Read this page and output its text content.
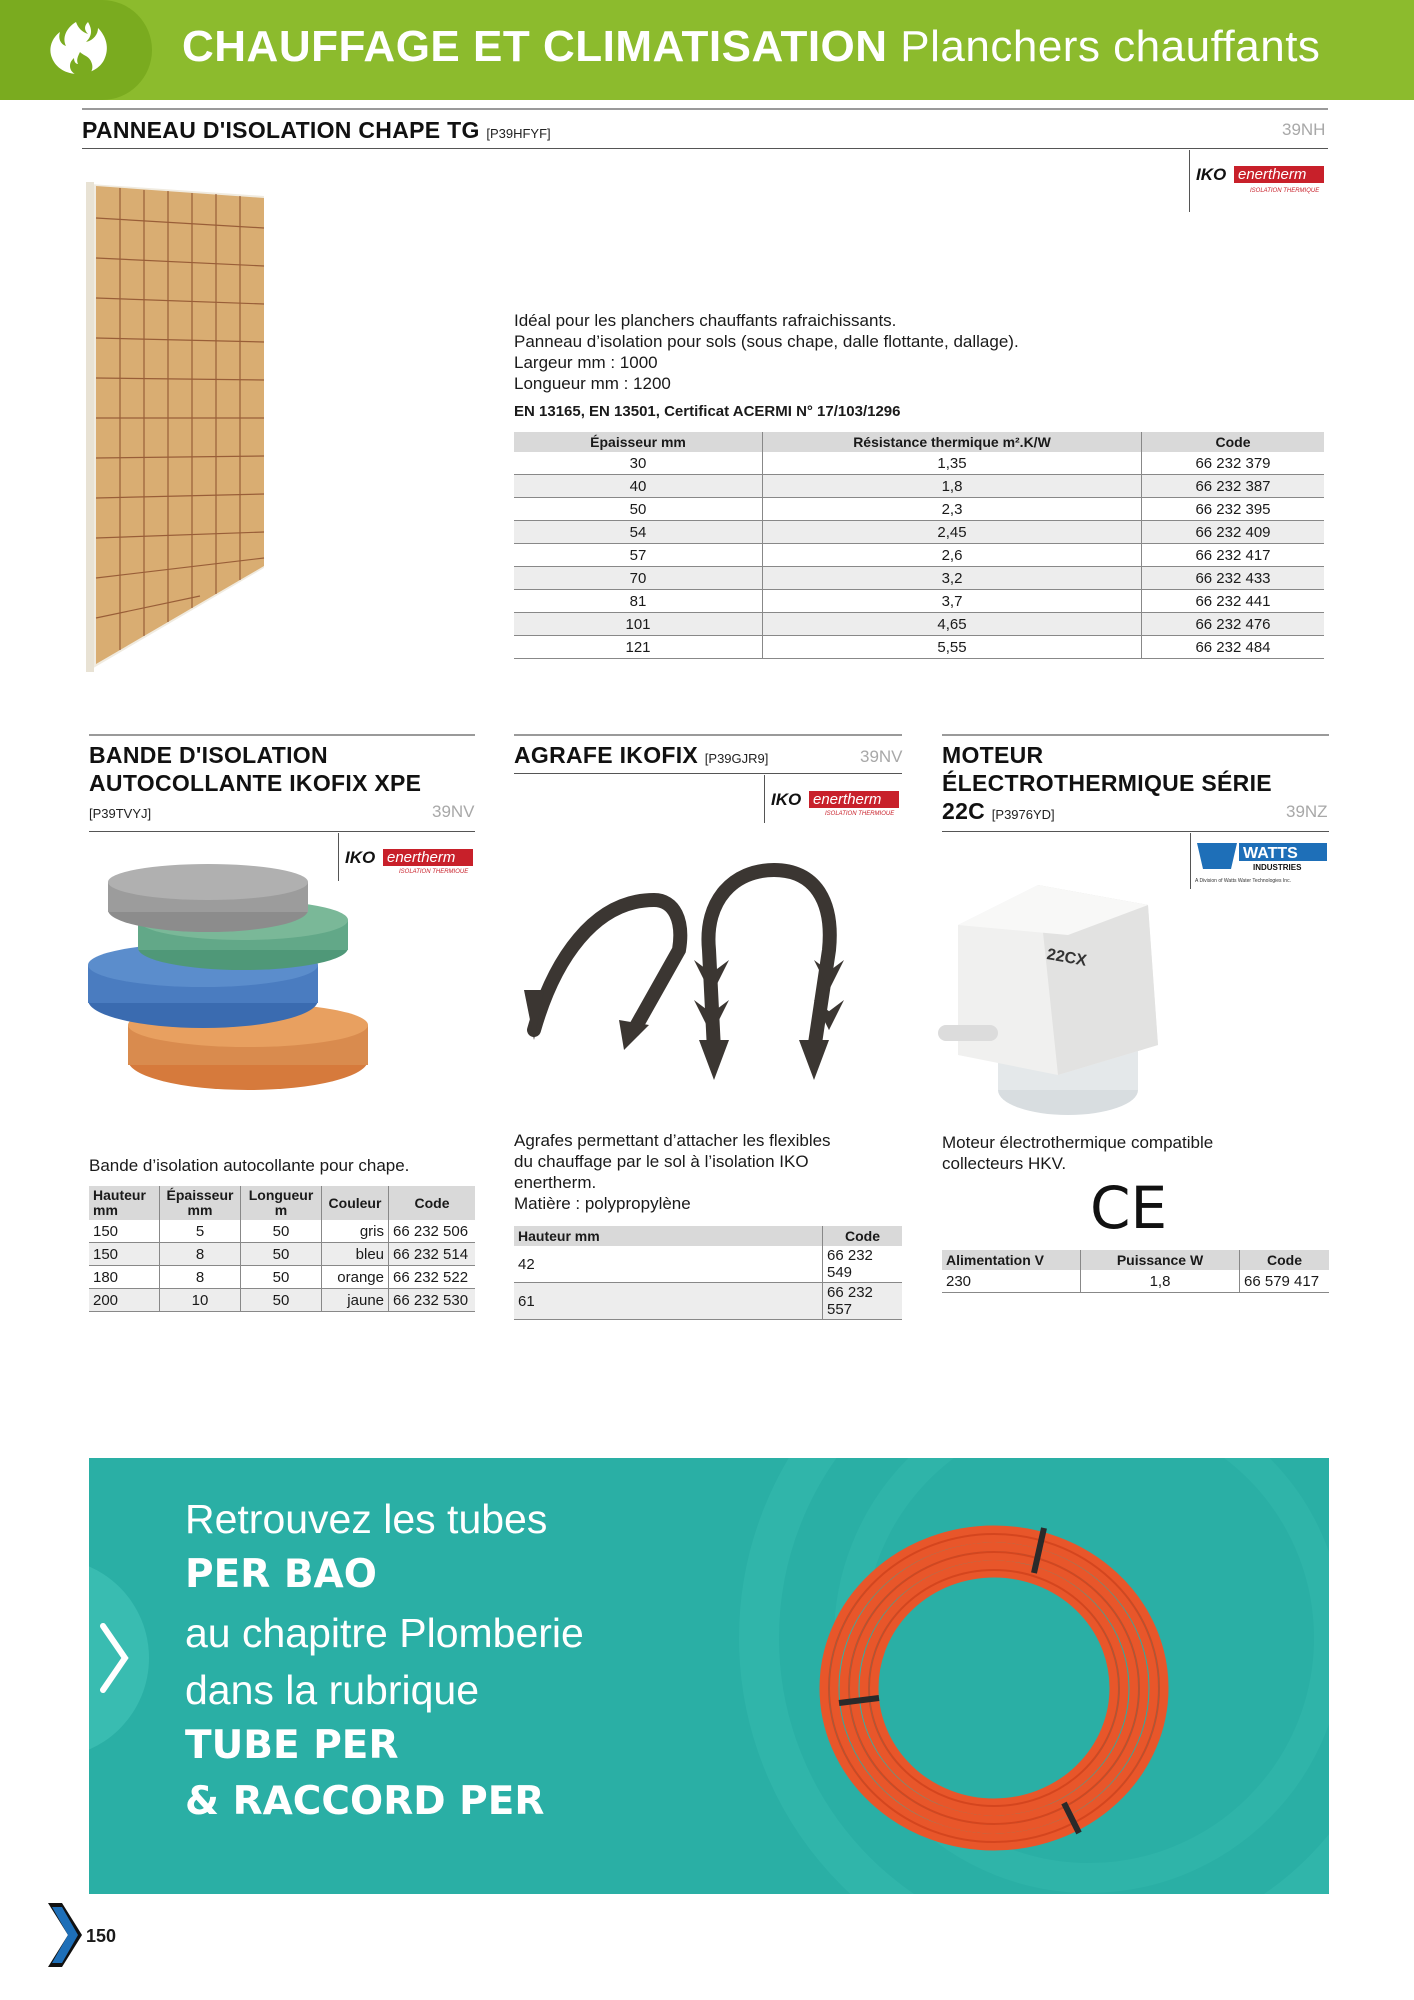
CHAUFFAGE ET CLIMATISATION Planchers chauffants
PANNEAU D'ISOLATION CHAPE TG [P39HFYF]	39NH
IKO enertherm
ISOLATION THERMIQUE
Idéal pour les planchers chauffants rafraichissants.
Panneau d’isolation pour sols (sous chape, dalle flottante, dallage).
Largeur mm : 1000
Longueur mm : 1200
EN 13165, EN 13501, Certificat ACERMI N° 17/103/1296
Épaisseur mm	Résistance thermique m².K/W	Code
30	1,35	66 232 379
40	1,8	66 232 387
50	2,3	66 232 395
54	2,45	66 232 409
57	2,6	66 232 417
70	3,2	66 232 433
81	3,7	66 232 441
101	4,65	66 232 476
121	5,55	66 232 484
BANDE D'ISOLATION
AUTOCOLLANTE IKOFIX XPE
[P39TVYJ]	39NV
IKO enertherm
ISOLATION THERMIQUE
Bande d’isolation autocollante pour chape.
Hauteur mm	Épaisseur mm	Longueur m	Couleur	Code
150	5	50	gris	66 232 506
150	8	50	bleu	66 232 514
180	8	50	orange	66 232 522
200	10	50	jaune	66 232 530
AGRAFE IKOFIX [P39GJR9]	39NV
IKO enertherm
ISOLATION THERMIQUE
Agrafes permettant d’attacher les flexibles
du chauffage par le sol à l’isolation IKO
enertherm.
Matière : polypropylène
Hauteur mm	Code
42	66 232 549
61	66 232 557
MOTEUR
ÉLECTROTHERMIQUE SÉRIE
22C [P3976YD]	39NZ
WATTS
INDUSTRIES
A Division of Watts Water Technologies Inc.
22CX
Moteur électrothermique compatible
collecteurs HKV.
CE
Alimentation V	Puissance W	Code
230	1,8	66 579 417
Retrouvez les tubes
PER BAO
au chapitre Plomberie
dans la rubrique
TUBE PER
& RACCORD PER
150
